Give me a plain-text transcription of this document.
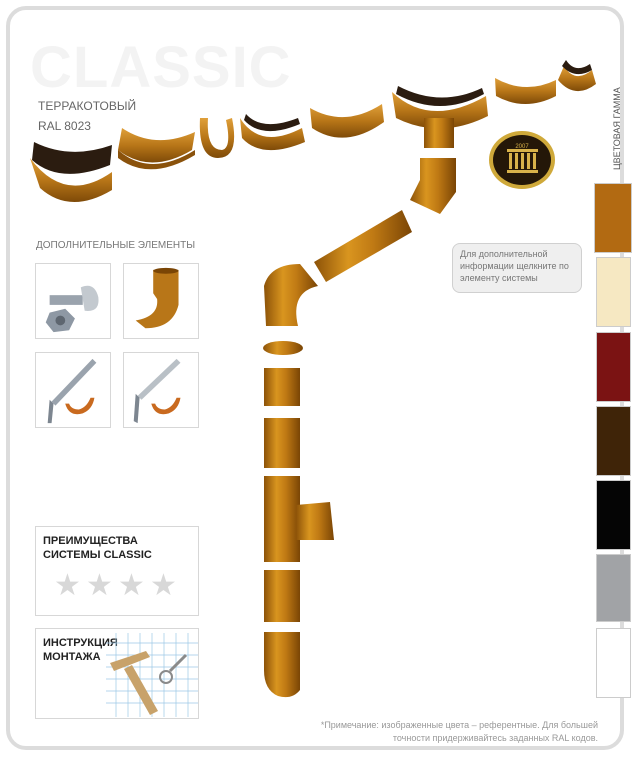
CLASSIC
ТЕРРАКОТОВЫЙ
RAL 8023
2007
ДОПОЛНИТЕЛЬНЫЕ ЭЛЕМЕНТЫ
ПРЕИМУЩЕСТВА
СИСТЕМЫ CLASSIC
★ ★ ★ ★
ИНСТРУКЦИЯ
МОНТАЖА
Для дополнительной информации щелкните по элементу системы
ЦВЕТОВАЯ ГАММА
*Примечание: изображенные цвета – референтные. Для большей
точности придерживайтесь заданных RAL кодов.
